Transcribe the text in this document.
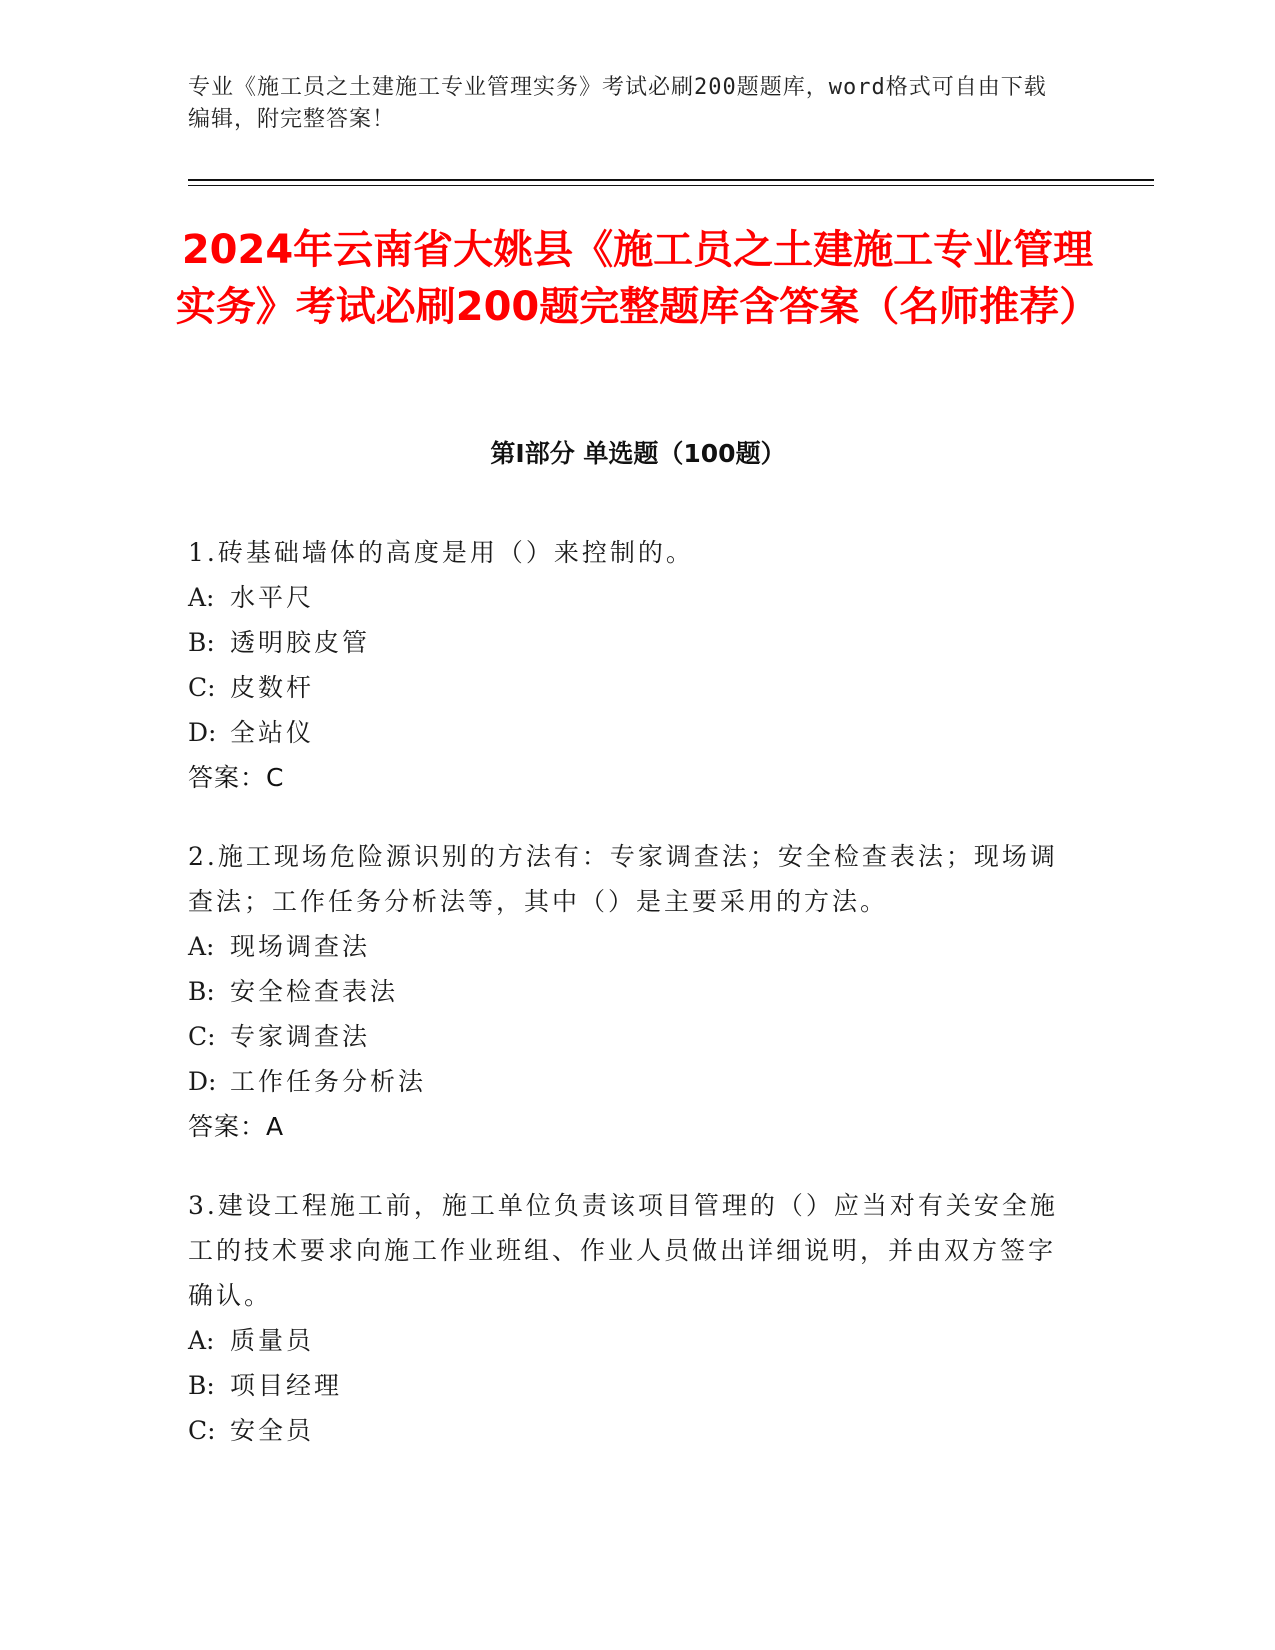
专业《施工员之土建施工专业管理实务》考试必刷200题题库，word格式可自由下载编辑，附完整答案！
2024年云南省大姚县《施工员之土建施工专业管理实务》考试必刷200题完整题库含答案（名师推荐）
第Ⅰ部分 单选题（100题）

1.砖基础墙体的高度是用（）来控制的。

A: 水平尺

B: 透明胶皮管

C: 皮数杆

D: 全站仪

答案：C

2.施工现场危险源识别的方法有：专家调查法；安全检查表法；现场调查法；工作任务分析法等，其中（）是主要采用的方法。

A: 现场调查法

B: 安全检查表法

C: 专家调查法

D: 工作任务分析法

答案：A

3.建设工程施工前，施工单位负责该项目管理的（）应当对有关安全施工的技术要求向施工作业班组、作业人员做出详细说明，并由双方签字确认。

A: 质量员

B: 项目经理

C: 安全员
